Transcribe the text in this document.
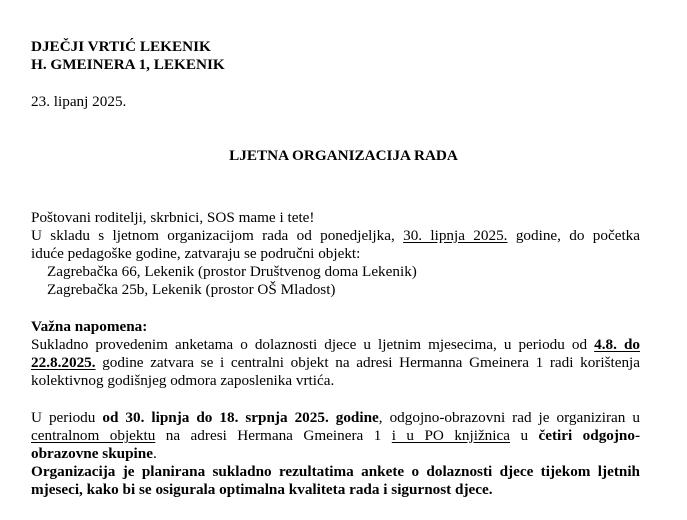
DJEČJI VRTIĆ LEKENIK
H. GMEINERA 1, LEKENIK
23. lipanj 2025.
LJETNA ORGANIZACIJA RADA
Poštovani roditelji, skrbnici, SOS mame i tete!
U skladu s ljetnom organizacijom rada od ponedjeljka, 30. lipnja 2025. godine, do početka
iduće pedagoške godine, zatvaraju se područni objekt:
Zagrebačka 66, Lekenik (prostor Društvenog doma Lekenik)
Zagrebačka 25b, Lekenik (prostor OŠ Mladost)
Važna napomena:
Sukladno provedenim anketama o dolaznosti djece u ljetnim mjesecima, u periodu od 4.8. do
22.8.2025. godine zatvara se i centralni objekt na adresi Hermanna Gmeinera 1 radi korištenja
kolektivnog godišnjeg odmora zaposlenika vrtića.
U periodu od 30. lipnja do 18. srpnja 2025. godine, odgojno-obrazovni rad je organiziran u
centralnom objektu na adresi Hermana Gmeinera 1 i u PO knjižnica u četiri odgojno-
obrazovne skupine.
Organizacija je planirana sukladno rezultatima ankete o dolaznosti djece tijekom ljetnih
mjeseci, kako bi se osigurala optimalna kvaliteta rada i sigurnost djece.
